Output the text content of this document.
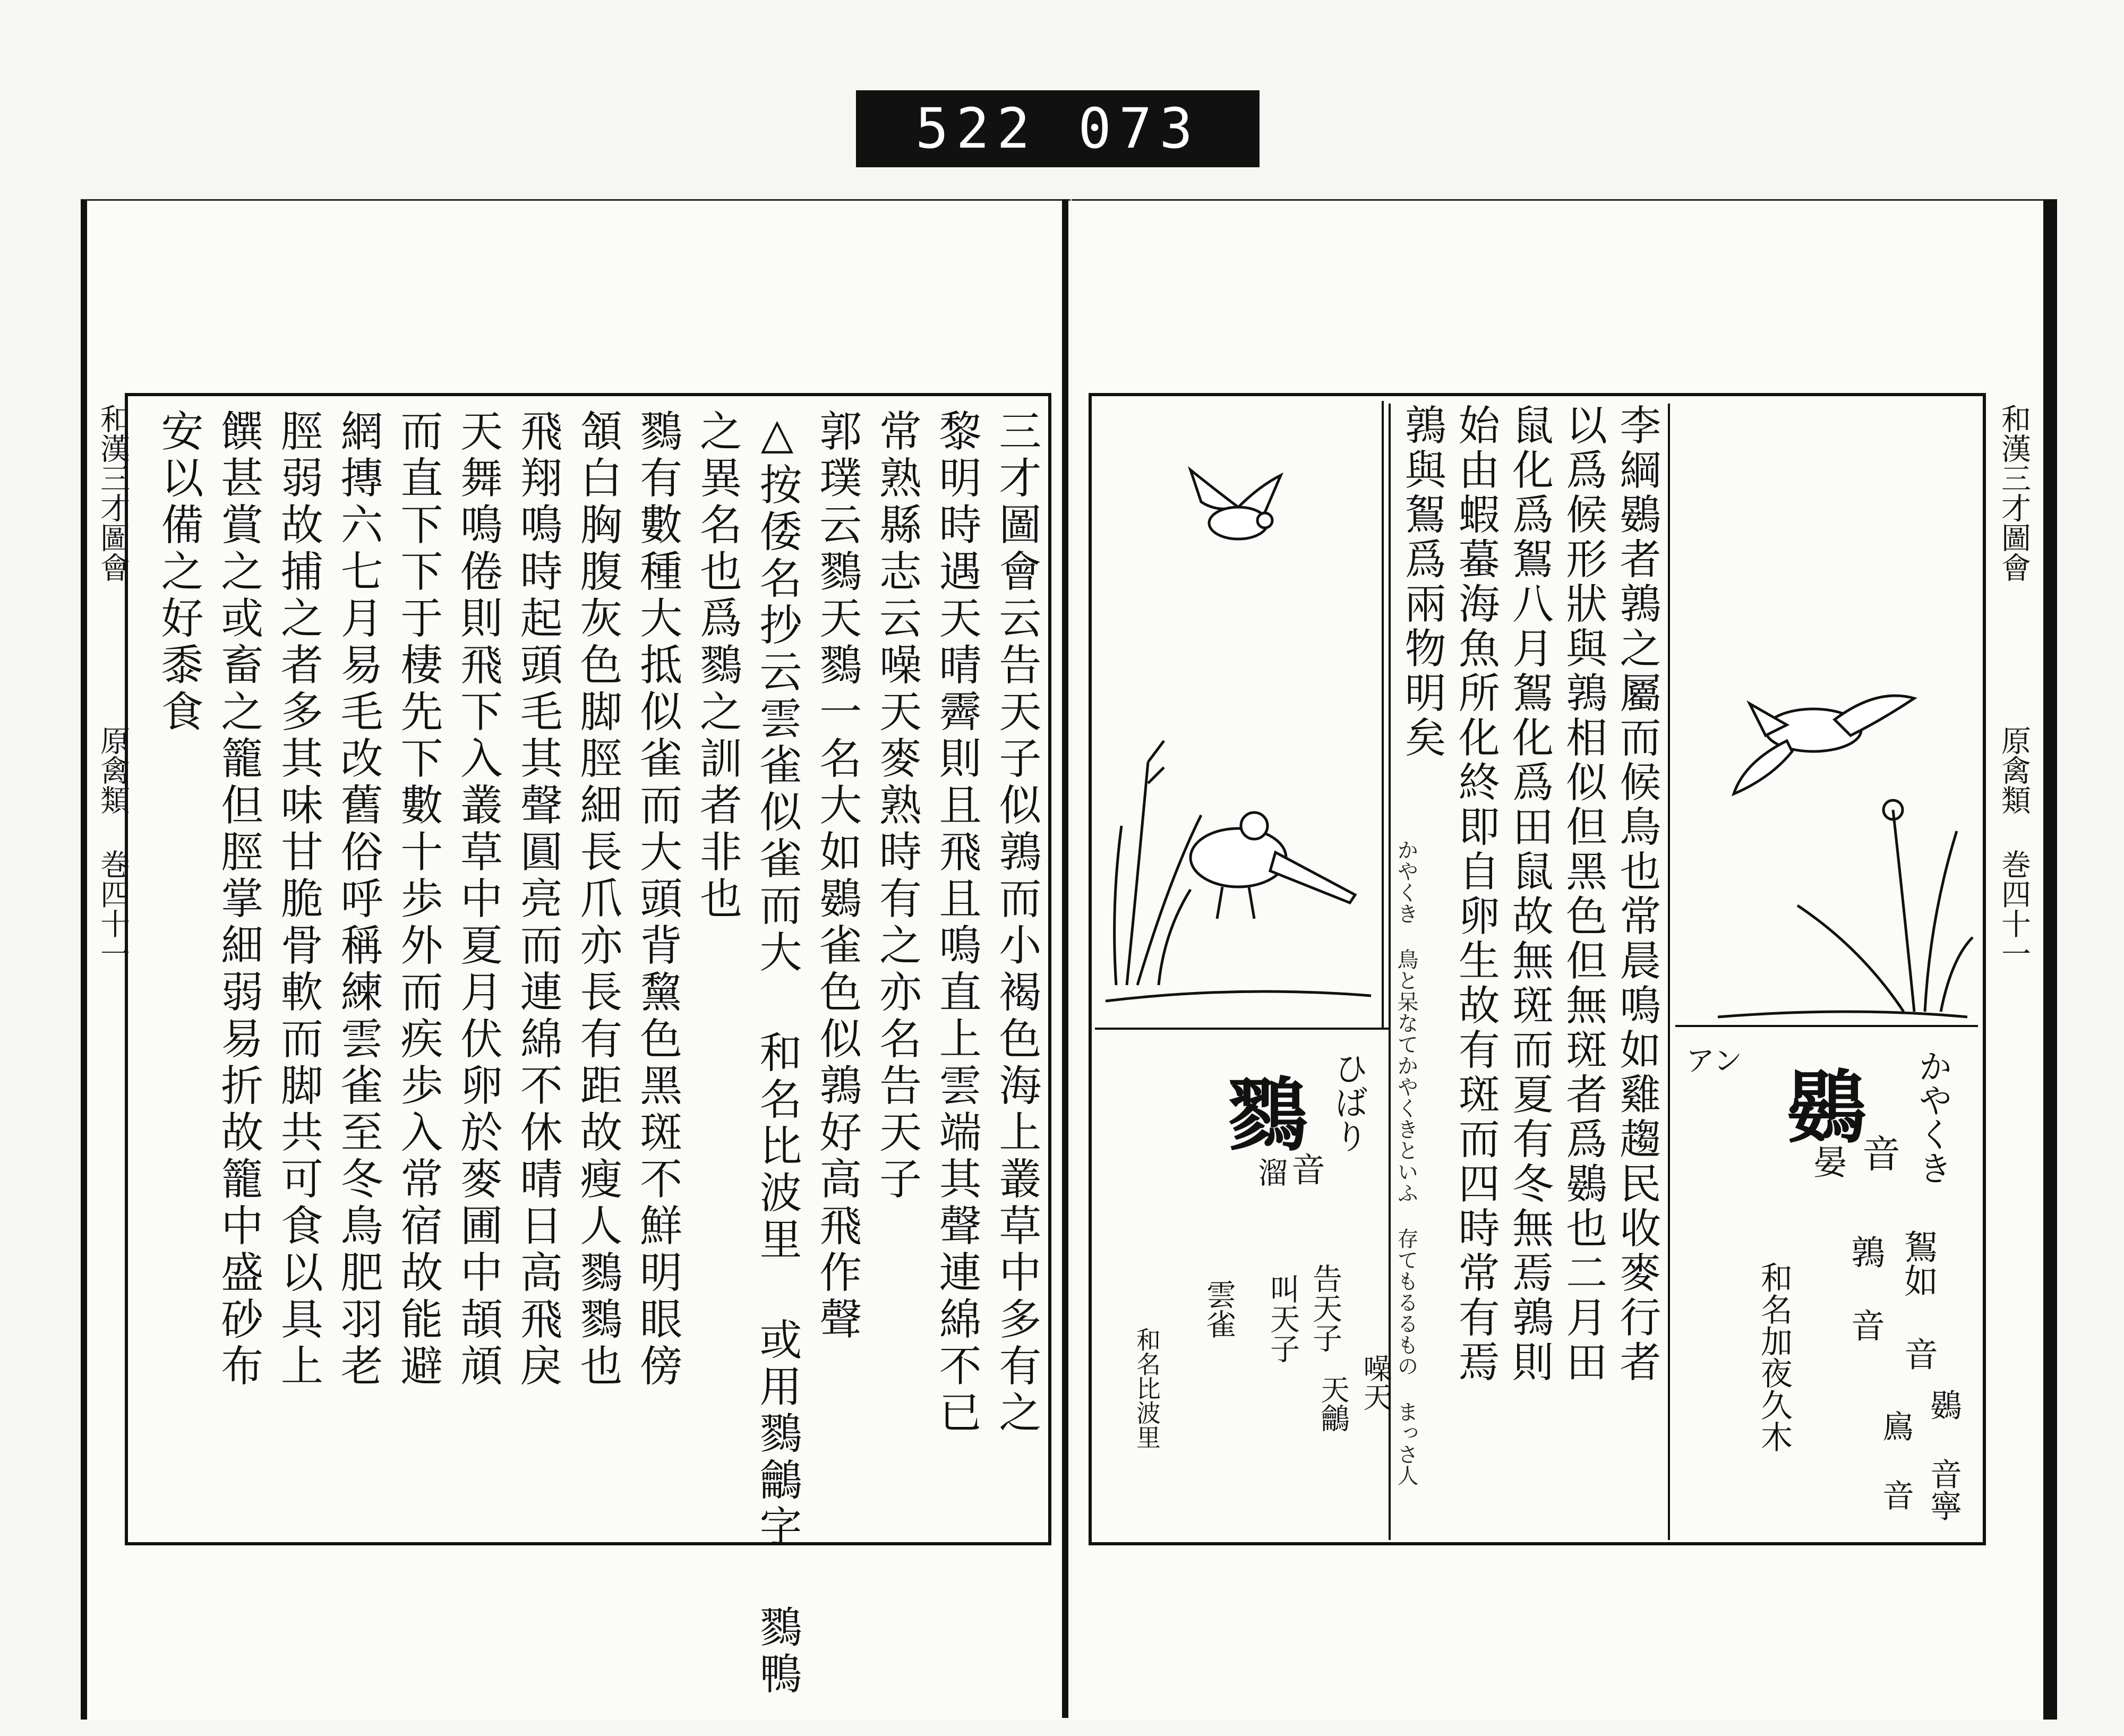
522 073
和漢三才圖會  原禽類 巻四十一	三才圖會云告天子似鶉而小褐色海上叢草中多有之
黎明時遇天晴霽則且飛且鳴直上雲端其聲連綿不已
常熟縣志云噪天麥熟時有之亦名告天子
郭璞云鷚天鷚一名大如鷃雀色似鶉好高飛作聲
△按倭名抄云雲雀似雀而大 和名比波里 或用鷚鸙字 鷚鴨
之異名也爲鷚之訓者非也
鷚有數種大抵似雀而大頭背黧色黑斑不鮮明眼傍
頷白胸腹灰色脚脛細長爪亦長有距故瘦人鷚鷚也
飛翔鳴時起頭毛其聲圓亮而連綿不休晴日高飛戾
天舞鳴倦則飛下入叢草中夏月伏卵於麥圃中頡頏
而直下下于棲先下數十歩外而疾歩入常宿故能避
網摶六七月易毛改舊俗呼稱練雲雀至冬鳥肥羽老
脛弱故捕之者多其味甘脆骨軟而脚共可食以具上
饌甚賞之或畜之籠但脛掌細弱易折故籠中盛砂布
安以備之好黍食	和漢三才圖會  原禽類 巻四十一
李綱鷃者鶉之屬而候鳥也常晨鳴如雞趨民收麥行者
以爲候形狀與鶉相似但黑色但無斑者爲鷃也二月田
鼠化爲鴽八月鴽化爲田鼠故無斑而夏有冬無焉鶉則
始由蝦蟇海魚所化終即自卵生故有斑而四時常有焉
鶉與鴽爲兩物明矣
かやくき 鳥と呆なてかやくきといふ 存てもるるもの まっさ人	かやくき
アン
鷃
音
晏
鴽如 音
鶉 音
鷃 音寧
鳸 音
和名加夜久木
ひばり
鷚
音
溜
告天子
叫天子
雲雀
噪天
天鸙
和名比波里
